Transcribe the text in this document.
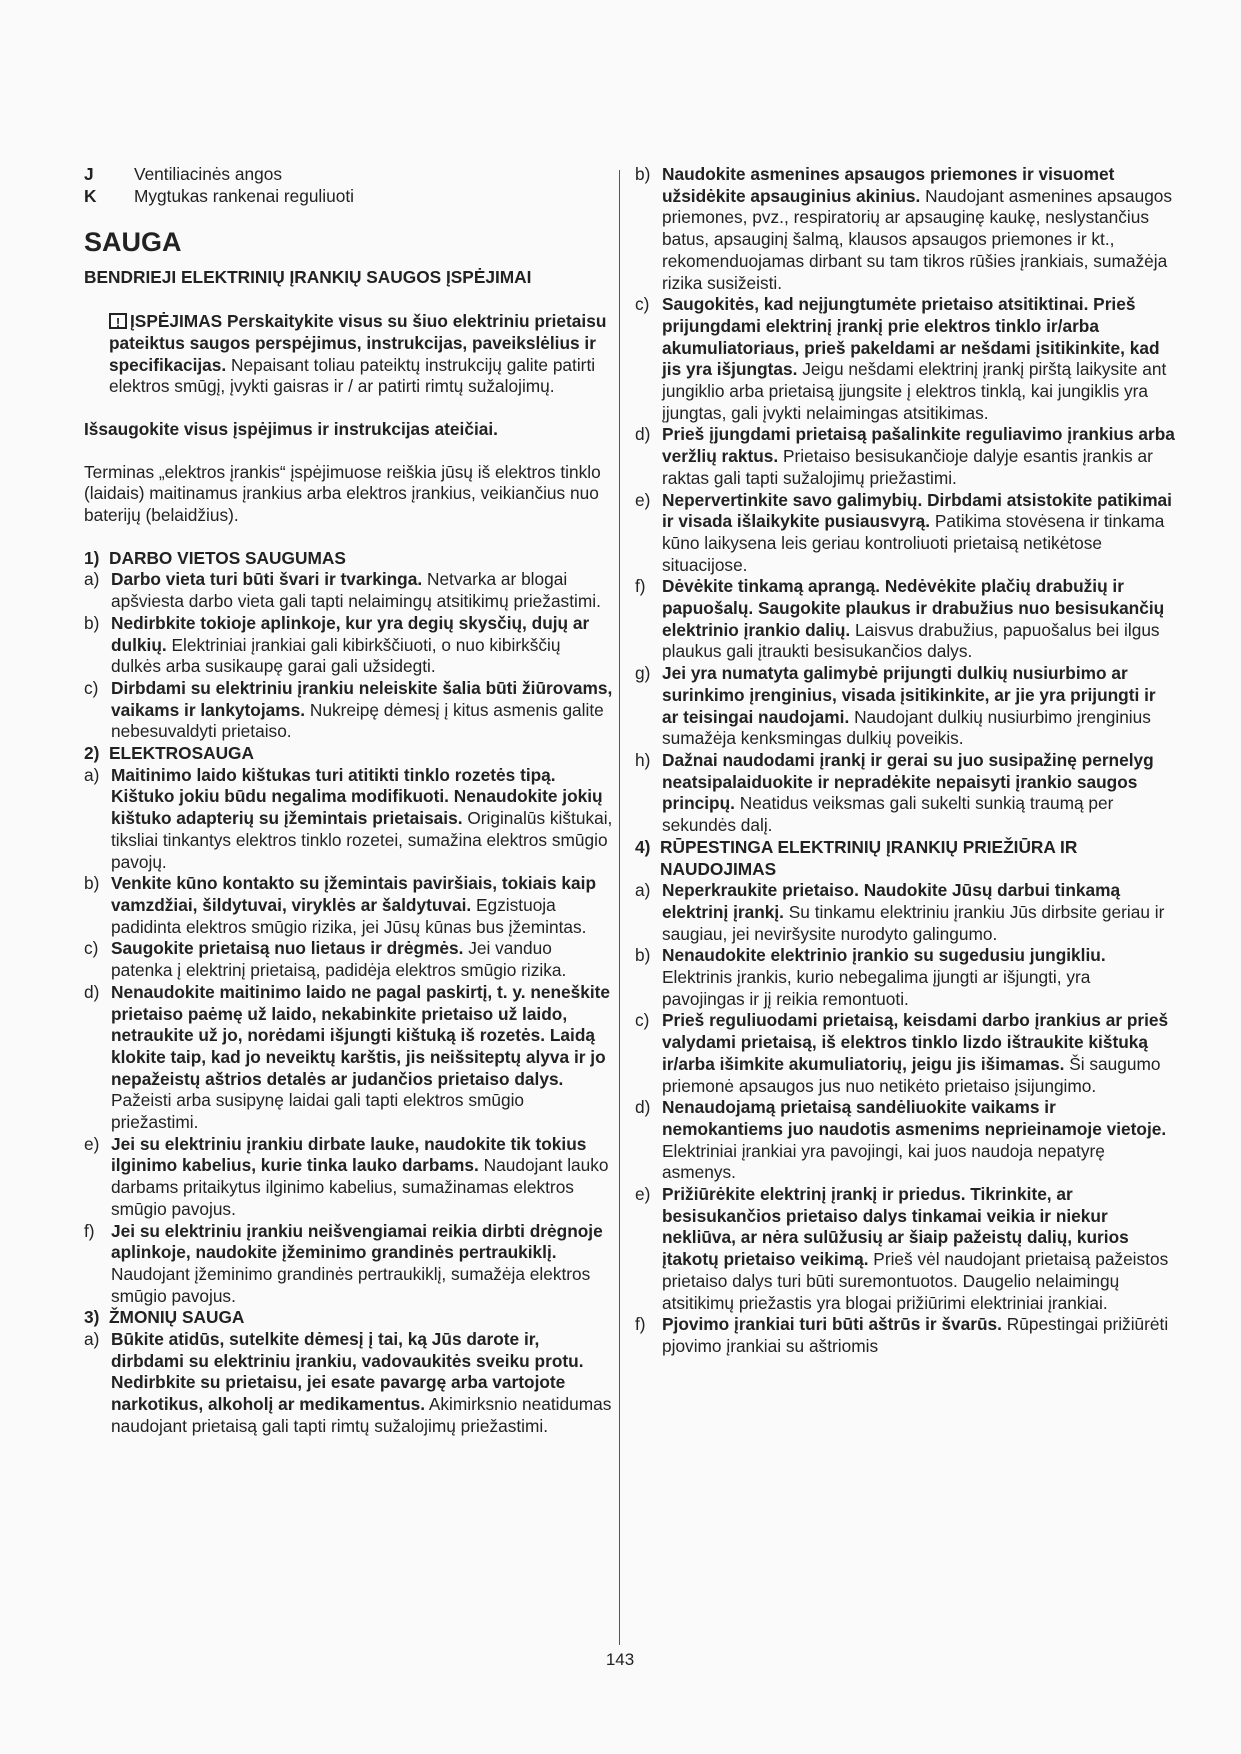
J	Ventiliacinės angos
K	Mygtukas rankenai reguliuoti
SAUGA
BENDRIEJI ELEKTRINIŲ ĮRANKIŲ SAUGOS ĮSPĖJIMAI

!ĮSPĖJIMAS Perskaitykite visus su šiuo elektriniu prietaisu pateiktus saugos perspėjimus, instrukcijas, paveikslėlius ir specifikacijas. Nepaisant toliau pateiktų instrukcijų galite patirti elektros smūgį, įvykti gaisras ir / ar patirti rimtų sužalojimų.

Išsaugokite visus įspėjimus ir instrukcijas ateičiai.

Terminas „elektros įrankis“ įspėjimuose reiškia jūsų iš elektros tinklo (laidais) maitinamus įrankius arba elektros įrankius, veikiančius nuo baterijų (belaidžius).

1) DARBO VIETOS SAUGUMAS
a) Darbo vieta turi būti švari ir tvarkinga. Netvarka ar blogai apšviesta darbo vieta gali tapti nelaimingų atsitikimų priežastimi.
b) Nedirbkite tokioje aplinkoje, kur yra degių skysčių, dujų ar dulkių. Elektriniai įrankiai gali kibirkščiuoti, o nuo kibirkščių dulkės arba susikaupę garai gali užsidegti.
c) Dirbdami su elektriniu įrankiu neleiskite šalia būti žiūrovams, vaikams ir lankytojams. Nukreipę dėmesį į kitus asmenis galite nebesuvaldyti prietaiso.
2) ELEKTROSAUGA
a) Maitinimo laido kištukas turi atitikti tinklo rozetės tipą. Kištuko jokiu būdu negalima modifikuoti. Nenaudokite jokių kištuko adapterių su įžemintais prietaisais. Originalūs kištukai, tiksliai tinkantys elektros tinklo rozetei, sumažina elektros smūgio pavojų.
b) Venkite kūno kontakto su įžemintais paviršiais, tokiais kaip vamzdžiai, šildytuvai, viryklės ar šaldytuvai. Egzistuoja padidinta elektros smūgio rizika, jei Jūsų kūnas bus įžemintas.
c) Saugokite prietaisą nuo lietaus ir drėgmės. Jei vanduo patenka į elektrinį prietaisą, padidėja elektros smūgio rizika.
d) Nenaudokite maitinimo laido ne pagal paskirtį, t. y. neneškite prietaiso paėmę už laido, nekabinkite prietaiso už laido, netraukite už jo, norėdami išjungti kištuką iš rozetės. Laidą klokite taip, kad jo neveiktų karštis, jis neišsiteptų alyva ir jo nepažeistų aštrios detalės ar judančios prietaiso dalys. Pažeisti arba susipynę laidai gali tapti elektros smūgio priežastimi.
e) Jei su elektriniu įrankiu dirbate lauke, naudokite tik tokius ilginimo kabelius, kurie tinka lauko darbams. Naudojant lauko darbams pritaikytus ilginimo kabelius, sumažinamas elektros smūgio pavojus.
f) Jei su elektriniu įrankiu neišvengiamai reikia dirbti drėgnoje aplinkoje, naudokite įžeminimo grandinės pertraukiklį. Naudojant įžeminimo grandinės pertraukiklį, sumažėja elektros smūgio pavojus.
3) ŽMONIŲ SAUGA
a) Būkite atidūs, sutelkite dėmesį į tai, ką Jūs darote ir, dirbdami su elektriniu įrankiu, vadovaukitės sveiku protu. Nedirbkite su prietaisu, jei esate pavargę arba vartojote narkotikus, alkoholį ar medikamentus. Akimirksnio neatidumas naudojant prietaisą gali tapti rimtų sužalojimų priežastimi.
b) Naudokite asmenines apsaugos priemones ir visuomet užsidėkite apsauginius akinius. Naudojant asmenines apsaugos priemones, pvz., respiratorių ar apsauginę kaukę, neslystančius batus, apsauginį šalmą, klausos apsaugos priemones ir kt., rekomenduojamas dirbant su tam tikros rūšies įrankiais, sumažėja rizika susižeisti.
c) Saugokitės, kad neįjungtumėte prietaiso atsitiktinai. Prieš prijungdami elektrinį įrankį prie elektros tinklo ir/arba akumuliatoriaus, prieš pakeldami ar nešdami įsitikinkite, kad jis yra išjungtas. Jeigu nešdami elektrinį įrankį pirštą laikysite ant jungiklio arba prietaisą įjungsite į elektros tinklą, kai jungiklis yra įjungtas, gali įvykti nelaimingas atsitikimas.
d) Prieš įjungdami prietaisą pašalinkite reguliavimo įrankius arba veržlių raktus. Prietaiso besisukančioje dalyje esantis įrankis ar raktas gali tapti sužalojimų priežastimi.
e) Nepervertinkite savo galimybių. Dirbdami atsistokite patikimai ir visada išlaikykite pusiausvyrą. Patikima stovėsena ir tinkama kūno laikysena leis geriau kontroliuoti prietaisą netikėtose situacijose.
f) Dėvėkite tinkamą aprangą. Nedėvėkite plačių drabužių ir papuošalų. Saugokite plaukus ir drabužius nuo besisukančių elektrinio įrankio dalių. Laisvus drabužius, papuošalus bei ilgus plaukus gali įtraukti besisukančios dalys.
g) Jei yra numatyta galimybė prijungti dulkių nusiurbimo ar surinkimo įrenginius, visada įsitikinkite, ar jie yra prijungti ir ar teisingai naudojami. Naudojant dulkių nusiurbimo įrenginius sumažėja kenksmingas dulkių poveikis.
h) Dažnai naudodami įrankį ir gerai su juo susipažinę pernelyg neatsipalaiduokite ir nepradėkite nepaisyti įrankio saugos principų. Neatidus veiksmas gali sukelti sunkią traumą per sekundės dalį.
4) RŪPESTINGA ELEKTRINIŲ ĮRANKIŲ PRIEŽIŪRA IR NAUDOJIMAS
a) Neperkraukite prietaiso. Naudokite Jūsų darbui tinkamą elektrinį įrankį. Su tinkamu elektriniu įrankiu Jūs dirbsite geriau ir saugiau, jei neviršysite nurodyto galingumo.
b) Nenaudokite elektrinio įrankio su sugedusiu jungikliu. Elektrinis įrankis, kurio nebegalima įjungti ar išjungti, yra pavojingas ir jį reikia remontuoti.
c) Prieš reguliuodami prietaisą, keisdami darbo įrankius ar prieš valydami prietaisą, iš elektros tinklo lizdo ištraukite kištuką ir/arba išimkite akumuliatorių, jeigu jis išimamas. Ši saugumo priemonė apsaugos jus nuo netikėto prietaiso įsijungimo.
d) Nenaudojamą prietaisą sandėliuokite vaikams ir nemokantiems juo naudotis asmenims neprieinamoje vietoje. Elektriniai įrankiai yra pavojingi, kai juos naudoja nepatyrę asmenys.
e) Prižiūrėkite elektrinį įrankį ir priedus. Tikrinkite, ar besisukančios prietaiso dalys tinkamai veikia ir niekur nekliūva, ar nėra sulūžusių ar šiaip pažeistų dalių, kurios įtakotų prietaiso veikimą. Prieš vėl naudojant prietaisą pažeistos prietaiso dalys turi būti suremontuotos. Daugelio nelaimingų atsitikimų priežastis yra blogai prižiūrimi elektriniai įrankiai.
f) Pjovimo įrankiai turi būti aštrūs ir švarūs. Rūpestingai prižiūrėti pjovimo įrankiai su aštriomis
143
